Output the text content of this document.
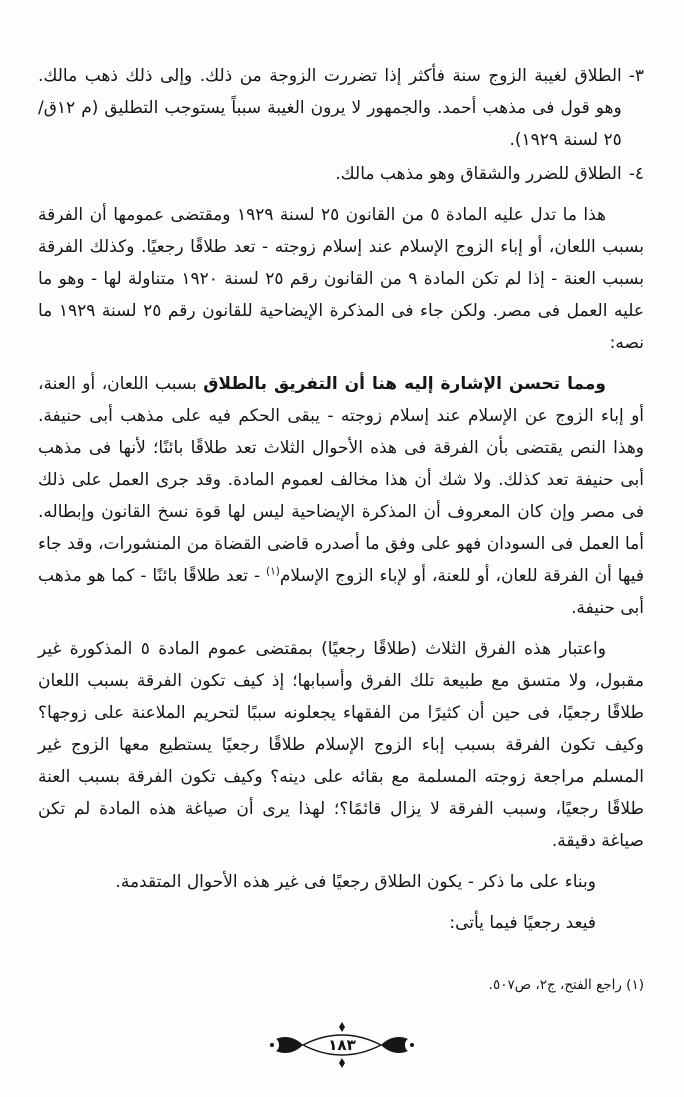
٣-
الطلاق لغيبة الزوج سنة فأكثر إذا تضررت الزوجة من ذلك. وإلى ذلك ذهب مالك. وهو قول فى مذهب أحمد. والجمهور لا يرون الغيبة سبباً يستوجب التطليق (م ١٢ق/ ٢٥ لسنة ١٩٢٩).
٤-
الطلاق للضرر والشقاق وهو مذهب مالك.

هذا ما تدل عليه المادة ٥ من القانون ٢٥ لسنة ١٩٢٩ ومقتضى عمومها أن الفرقة بسبب اللعان، أو إباء الزوج الإسلام عند إسلام زوجته - تعد طلاقًا رجعيًا. وكذلك الفرقة بسبب العنة - إذا لم تكن المادة ٩ من القانون رقم ٢٥ لسنة ١٩٢٠ متناولة لها - وهو ما عليه العمل فى مصر. ولكن جاء فى المذكرة الإيضاحية للقانون رقم ٢٥ لسنة ١٩٢٩ ما نصه:

ومما تحسن الإشارة إليه هنا أن التفريق بالطلاق بسبب اللعان، أو العنة، أو إباء الزوج عن الإسلام عند إسلام زوجته - يبقى الحكم فيه على مذهب أبى حنيفة. وهذا النص يقتضى بأن الفرقة فى هذه الأحوال الثلاث تعد طلاقًا بائنًا؛ لأنها فى مذهب أبى حنيفة تعد كذلك. ولا شك أن هذا مخالف لعموم المادة. وقد جرى العمل على ذلك فى مصر وإن كان المعروف أن المذكرة الإيضاحية ليس لها قوة نسخ القانون وإبطاله. أما العمل فى السودان فهو على وفق ما أصدره قاضى القضاة من المنشورات، وقد جاء فيها أن الفرقة للعان، أو للعنة، أو لإباء الزوج الإسلام$^{(١)}$ - تعد طلاقًا بائنًا - كما هو مذهب أبى حنيفة.

واعتبار هذه الفرق الثلاث (طلاقًا رجعيًا) بمقتضى عموم المادة ٥ المذكورة غير مقبول، ولا متسق مع طبيعة تلك الفرق وأسبابها؛ إذ كيف تكون الفرقة بسبب اللعان طلاقًا رجعيًا، فى حين أن كثيرًا من الفقهاء يجعلونه سببًا لتحريم الملاعنة على زوجها؟ وكيف تكون الفرقة بسبب إباء الزوج الإسلام طلاقًا رجعيًا يستطيع معها الزوج غير المسلم مراجعة زوجته المسلمة مع بقائه على دينه؟ وكيف تكون الفرقة بسبب العنة طلاقًا رجعيًا، وسبب الفرقة لا يزال قائمًا؟؛ لهذا يرى أن صياغة هذه المادة لم تكن صياغة دقيقة.

وبناء على ما ذكر - يكون الطلاق رجعيًا فى غير هذه الأحوال المتقدمة.

فيعد رجعيًا فيما يأتى:

(١) راجع الفتح، ج٢، ص٥٠٧.
١٨٣
